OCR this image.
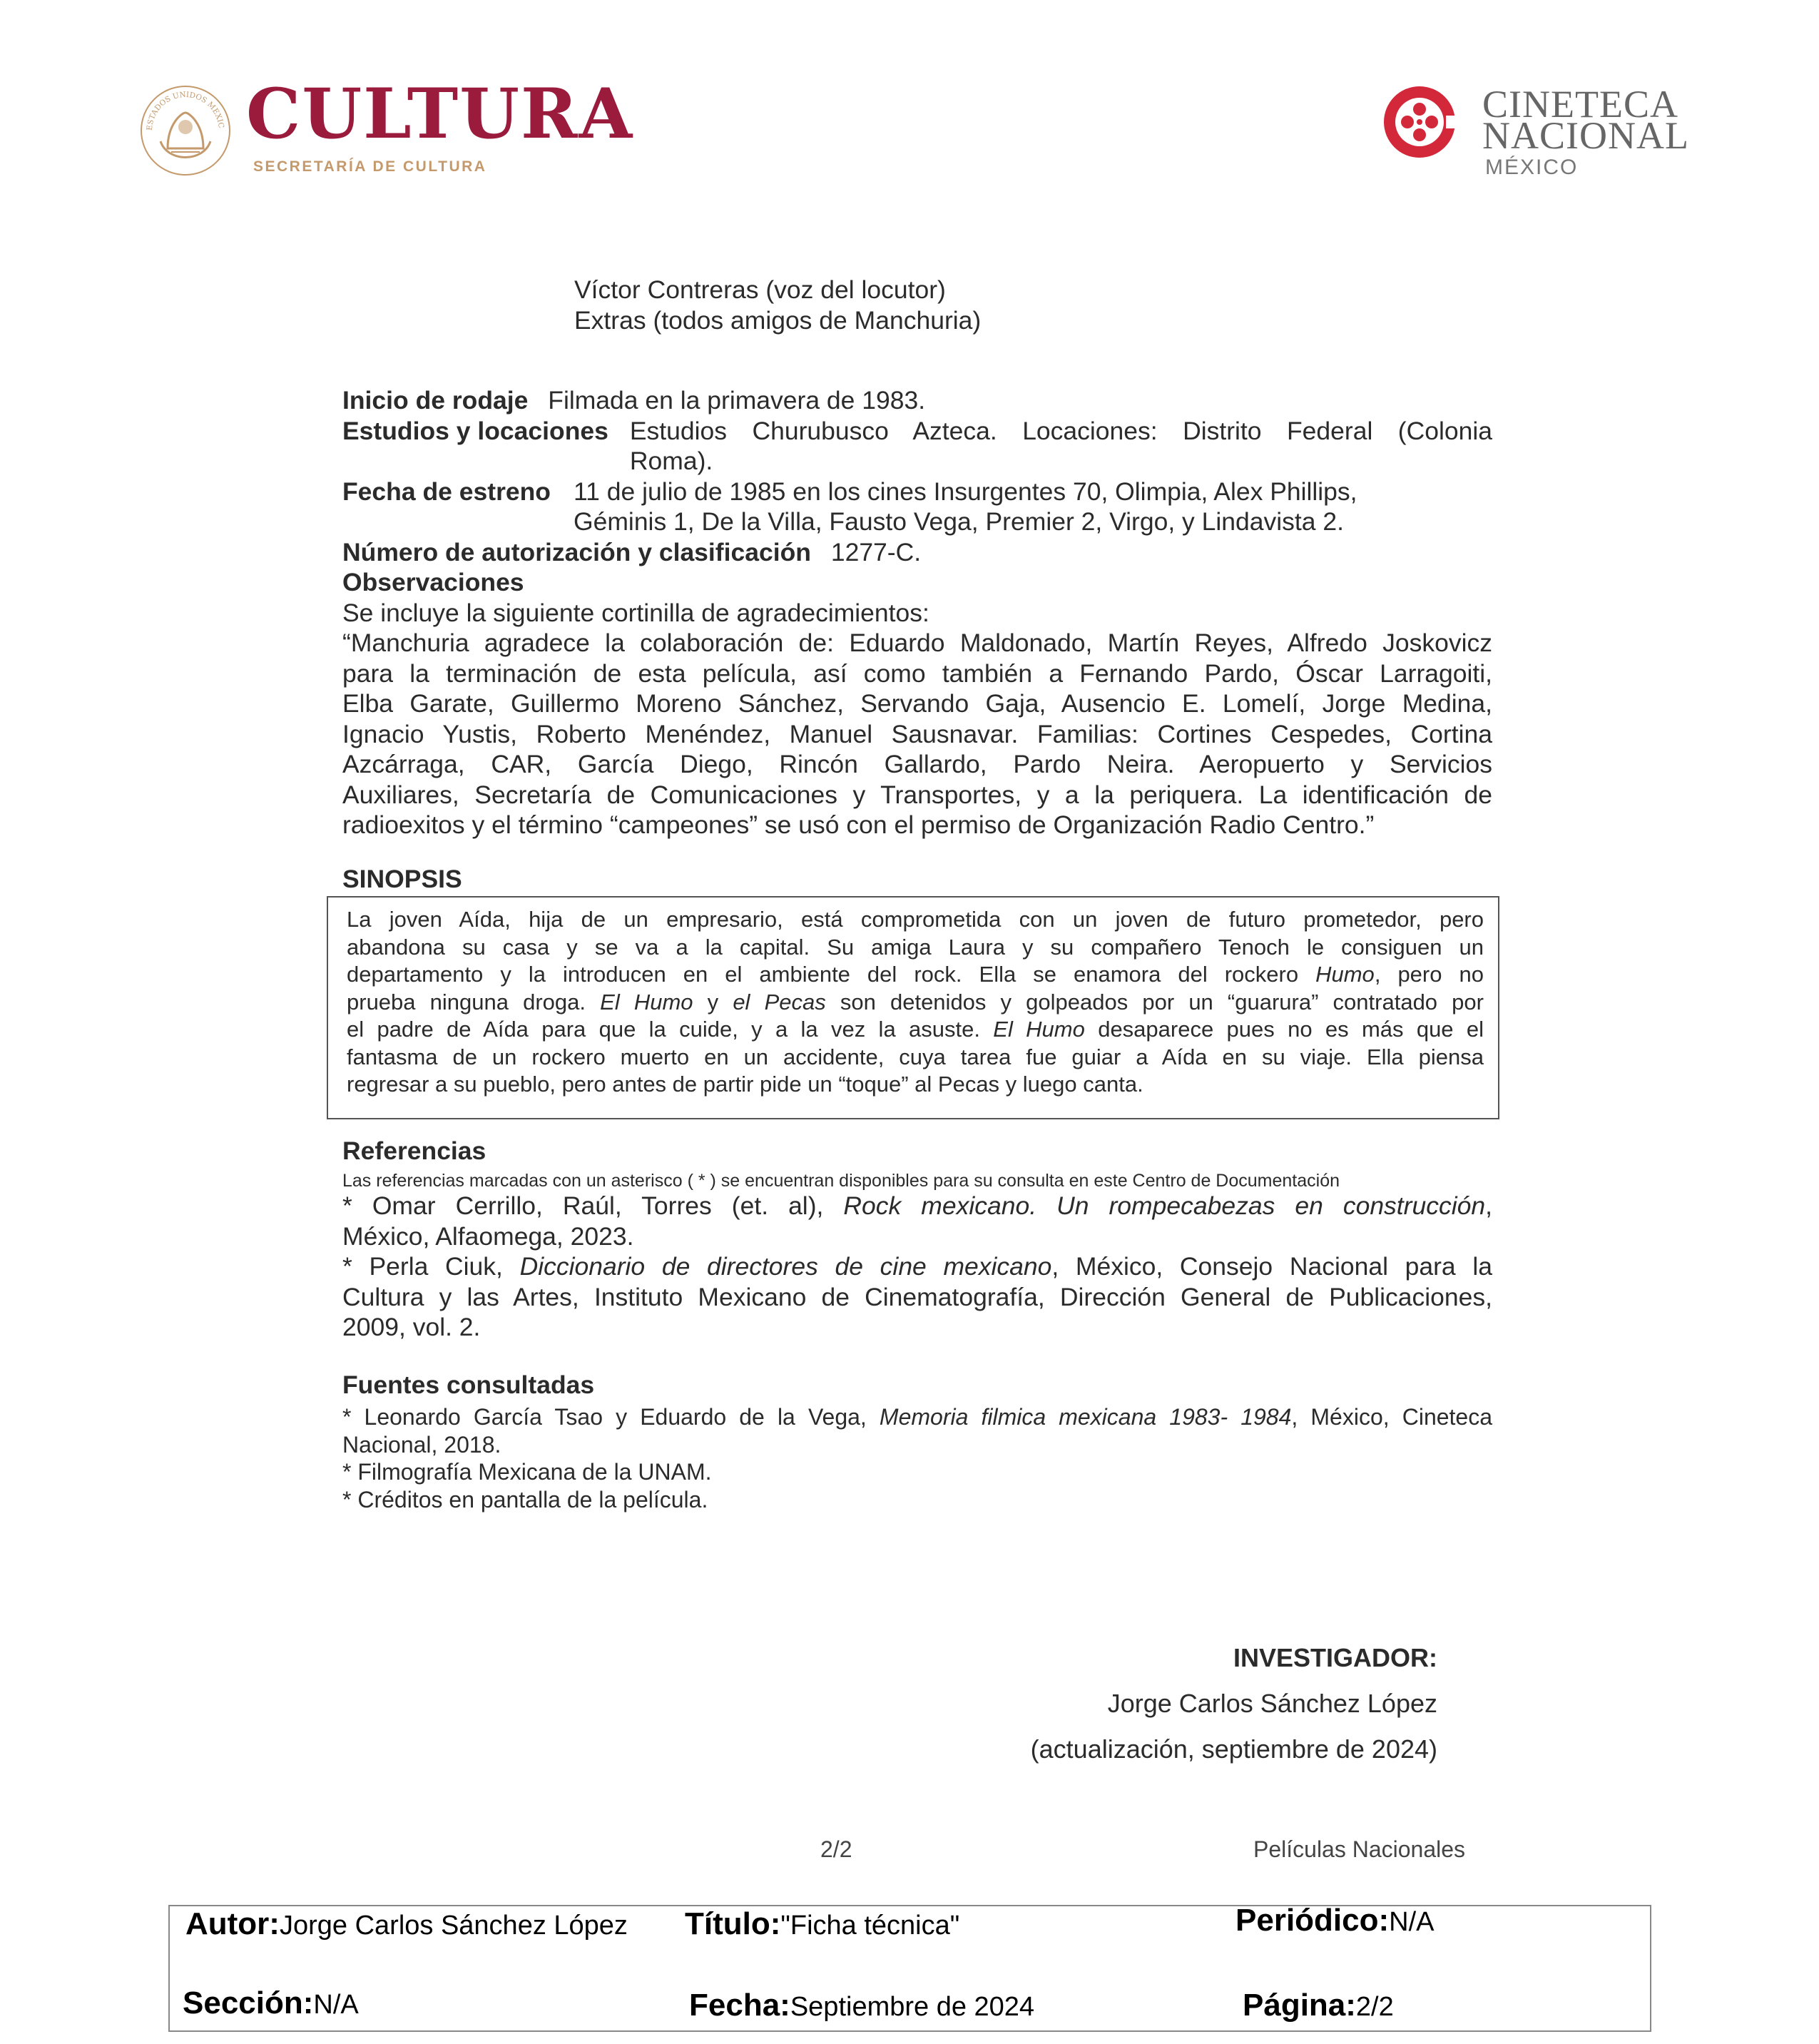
ESTADOS UNIDOS MEXIC CULTURA
SECRETARÍA DE CULTURA
CINETECA
NACIONAL
MÉXICO
Víctor Contreras (voz del locutor)
Extras (todos amigos de Manchuria)
Inicio de rodaje Filmada en la primavera de 1983.
Estudios y locaciones Estudios Churubusco Azteca. Locaciones: Distrito Federal (Colonia
Roma).
Fecha de estreno 11 de julio de 1985 en los cines Insurgentes 70, Olimpia, Alex Phillips,
Géminis 1, De la Villa, Fausto Vega, Premier 2, Virgo, y Lindavista 2.
Número de autorización y clasificación 1277-C.
Observaciones
Se incluye la siguiente cortinilla de agradecimientos:
“Manchuria agradece la colaboración de: Eduardo Maldonado, Martín Reyes, Alfredo Joskovicz
para la terminación de esta película, así como también a Fernando Pardo, Óscar Larragoiti,
Elba Garate, Guillermo Moreno Sánchez, Servando Gaja, Ausencio E. Lomelí, Jorge Medina,
Ignacio Yustis, Roberto Menéndez, Manuel Sausnavar. Familias: Cortines Cespedes, Cortina
Azcárraga, CAR, García Diego, Rincón Gallardo, Pardo Neira. Aeropuerto y Servicios
Auxiliares, Secretaría de Comunicaciones y Transportes, y a la periquera. La identificación de
radioexitos y el término “campeones” se usó con el permiso de Organización Radio Centro.”
SINOPSIS
La joven Aída, hija de un empresario, está comprometida con un joven de futuro prometedor, pero
abandona su casa y se va a la capital. Su amiga Laura y su compañero Tenoch le consiguen un
departamento y la introducen en el ambiente del rock. Ella se enamora del rockero Humo, pero no
prueba ninguna droga. El Humo y el Pecas son detenidos y golpeados por un “guarura” contratado por
el padre de Aída para que la cuide, y a la vez la asuste. El Humo desaparece pues no es más que el
fantasma de un rockero muerto en un accidente, cuya tarea fue guiar a Aída en su viaje. Ella piensa
regresar a su pueblo, pero antes de partir pide un “toque” al Pecas y luego canta.
Referencias
Las referencias marcadas con un asterisco ( * ) se encuentran disponibles para su consulta en este Centro de Documentación
* Omar Cerrillo, Raúl, Torres (et. al), Rock mexicano. Un rompecabezas en construcción,
México, Alfaomega, 2023.
* Perla Ciuk, Diccionario de directores de cine mexicano, México, Consejo Nacional para la
Cultura y las Artes, Instituto Mexicano de Cinematografía, Dirección General de Publicaciones,
2009, vol. 2.
Fuentes consultadas
* Leonardo García Tsao y Eduardo de la Vega, Memoria filmica mexicana 1983- 1984, México, Cineteca
Nacional, 2018.
* Filmografía Mexicana de la UNAM.
* Créditos en pantalla de la película.
INVESTIGADOR:
Jorge Carlos Sánchez López
(actualización, septiembre de 2024)
2/2	Películas Nacionales
Autor:Jorge Carlos Sánchez López Título:"Ficha técnica"	Periódico:N/A
Sección:N/A	Fecha:Septiembre de 2024	Página:2/2
